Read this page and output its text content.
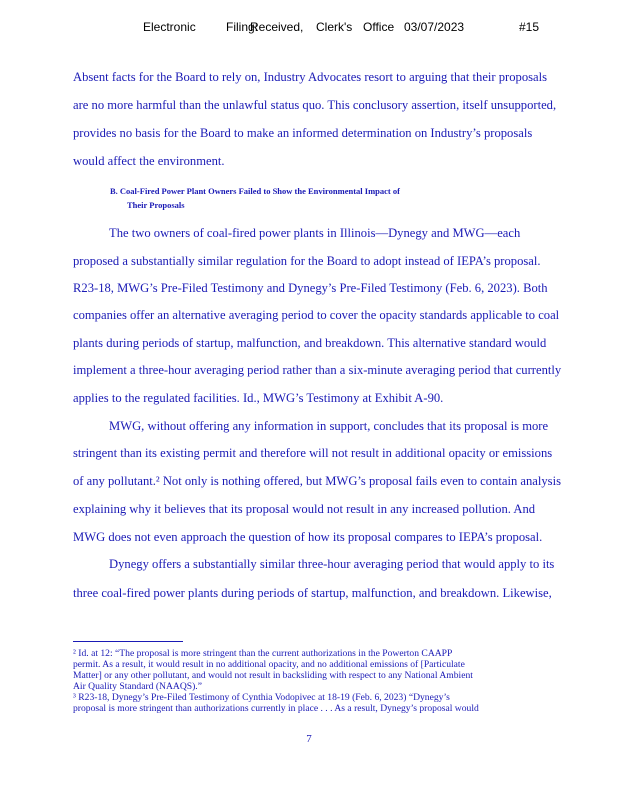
Electronic	Filing:
Received, Clerk's Office 03/07/2023	#15
Absent facts for the Board to rely on, Industry Advocates resort to arguing that their proposals
are no more harmful than the unlawful status quo. This conclusory assertion, itself unsupported,
provides no basis for the Board to make an informed determination on Industry’s proposals
would affect the environment.
B. Coal-Fired Power Plant Owners Failed to Show the Environmental Impact of
Their Proposals
The two owners of coal-fired power plants in Illinois—Dynegy and MWG—each
proposed a substantially similar regulation for the Board to adopt instead of IEPA’s proposal.
R23-18, MWG’s Pre-Filed Testimony and Dynegy’s Pre-Filed Testimony (Feb. 6, 2023). Both
companies offer an alternative averaging period to cover the opacity standards applicable to coal
plants during periods of startup, malfunction, and breakdown. This alternative standard would
implement a three-hour averaging period rather than a six-minute averaging period that currently
applies to the regulated facilities. Id., MWG’s Testimony at Exhibit A-90.
MWG, without offering any information in support, concludes that its proposal is more
stringent than its existing permit and therefore will not result in additional opacity or emissions
of any pollutant.² Not only is nothing offered, but MWG’s proposal fails even to contain analysis
explaining why it believes that its proposal would not result in any increased pollution. And
MWG does not even approach the question of how its proposal compares to IEPA’s proposal.
Dynegy offers a substantially similar three-hour averaging period that would apply to its
three coal-fired power plants during periods of startup, malfunction, and breakdown. Likewise,
² Id. at 12: “The proposal is more stringent than the current authorizations in the Powerton CAAPP
permit. As a result, it would result in no additional opacity, and no additional emissions of [Particulate
Matter] or any other pollutant, and would not result in backsliding with respect to any National Ambient
Air Quality Standard (NAAQS).”
³ R23-18, Dynegy’s Pre-Filed Testimony of Cynthia Vodopivec at 18-19 (Feb. 6, 2023) “Dynegy’s
proposal is more stringent than authorizations currently in place . . . As a result, Dynegy’s proposal would
7
